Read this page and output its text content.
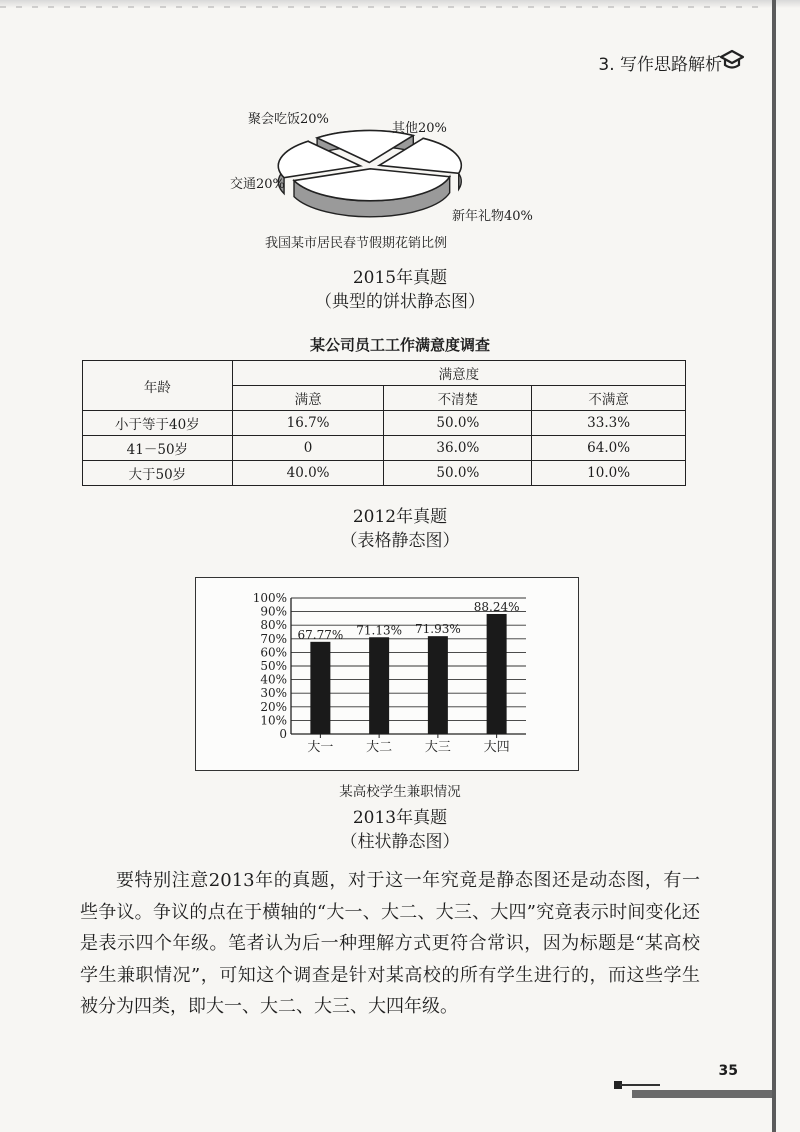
3. 写作思路解析
聚会吃饭20%
其他20%
新年礼物40%
交通20%
我国某市居民春节假期花销比例
2015年真题
（典型的饼状静态图）
某公司员工工作满意度调查
年龄	满意度		
	满意	不清楚	不满意
小于等于40岁	16.7%	50.0%	33.3%
41－50岁	0	36.0%	64.0%
大于50岁	40.0%	50.0%	10.0%
2012年真题
（表格静态图）
0
10%
20%
30%
40%
50%
60%
70%
80%
90%
100%
67.77%
大一
71.13%
大二
71.93%
大三
88.24%
大四
某高校学生兼职情况
2013年真题
（柱状静态图）

要特别注意2013年的真题，对于这一年究竟是静态图还是动态图，有一些争议。争议的点在于横轴的“大一、大二、大三、大四”究竟表示时间变化还是表示四个年级。笔者认为后一种理解方式更符合常识，因为标题是“某高校学生兼职情况”，可知这个调查是针对某高校的所有学生进行的，而这些学生被分为四类，即大一、大二、大三、大四年级。

35
